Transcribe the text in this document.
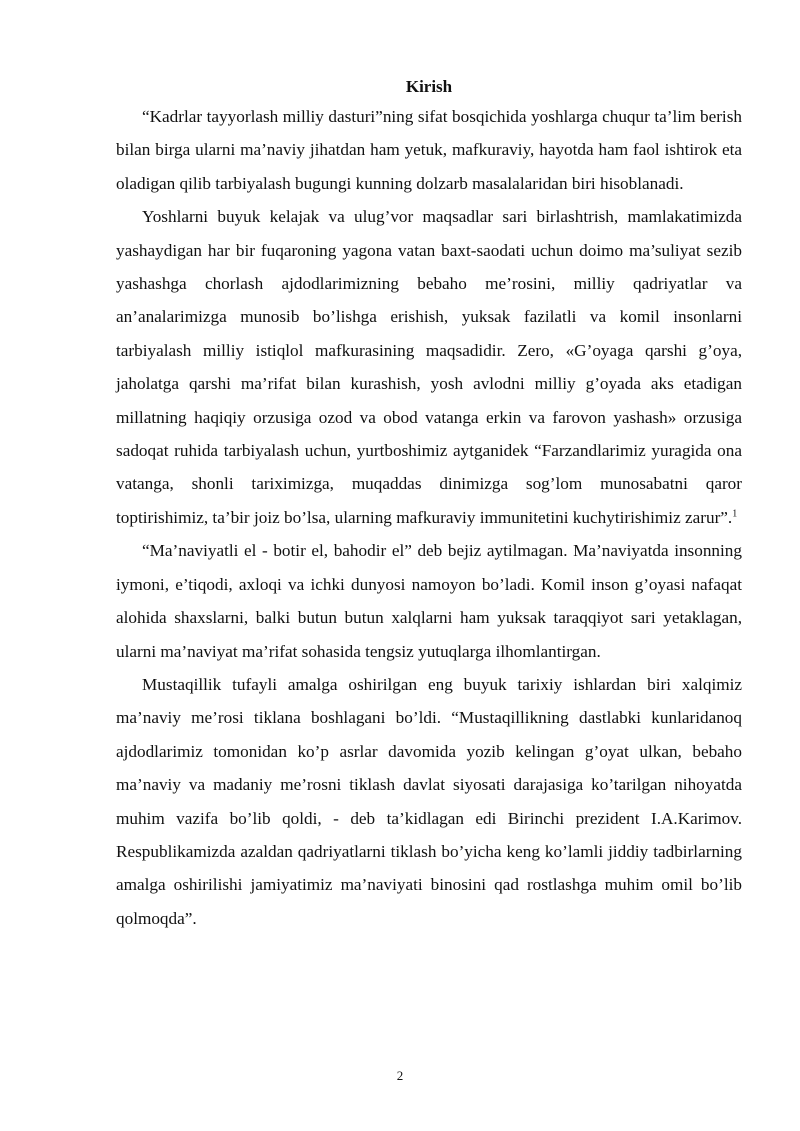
Kirish

“Kadrlar tayyorlash milliy dasturi”ning sifat bosqichida yoshlarga chuqur ta’lim berish bilan birga ularni ma’naviy jihatdan ham yetuk, mafkuraviy, hayotda ham faol ishtirok eta oladigan qilib tarbiyalash bugungi kunning dolzarb masalalaridan biri hisoblanadi.

Yoshlarni buyuk kelajak va ulug’vor maqsadlar sari birlashtrish, mamlakatimizda yashaydigan har bir fuqaroning yagona vatan baxt-saodati uchun doimo ma’suliyat sezib yashashga chorlash ajdodlarimizning bebaho me’rosini, milliy qadriyatlar va an’analarimizga munosib bo’lishga erishish, yuksak fazilatli va komil insonlarni tarbiyalash milliy istiqlol mafkurasining maqsadidir. Zero, «G’oyaga qarshi g’oya, jaholatga qarshi ma’rifat bilan kurashish, yosh avlodni milliy g’oyada aks etadigan millatning haqiqiy orzusiga ozod va obod vatanga erkin va farovon yashash» orzusiga sadoqat ruhida tarbiyalash uchun, yurtboshimiz aytganidek “Farzandlarimiz yuragida ona vatanga, shonli tariximizga, muqaddas dinimizga sog’lom munosabatni qaror toptirishimiz, ta’bir joiz bo’lsa, ularning mafkuraviy immunitetini kuchytirishimiz zarur”.$^1$

“Ma’naviyatli el - botir el, bahodir el” deb bejiz aytilmagan. Ma’naviyatda insonning iymoni, e’tiqodi, axloqi va ichki dunyosi namoyon bo’ladi. Komil inson g’oyasi nafaqat alohida shaxslarni, balki butun butun xalqlarni ham yuksak taraqqiyot sari yetaklagan, ularni ma’naviyat ma’rifat sohasida tengsiz yutuqlarga ilhomlantirgan.

Mustaqillik tufayli amalga oshirilgan eng buyuk tarixiy ishlardan biri xalqimiz ma’naviy me’rosi tiklana boshlagani bo’ldi. “Mustaqillikning dastlabki kunlaridanoq ajdodlarimiz tomonidan ko’p asrlar davomida yozib kelingan g’oyat ulkan, bebaho ma’naviy va madaniy me’rosni tiklash davlat siyosati darajasiga ko’tarilgan nihoyatda muhim vazifa bo’lib qoldi, - deb ta’kidlagan edi Birinchi prezident I.A.Karimov. Respublikamizda azaldan qadriyatlarni tiklash bo’yicha keng ko’lamli jiddiy tadbirlarning amalga oshirilishi jamiyatimiz ma’naviyati binosini qad rostlashga muhim omil bo’lib qolmoqda”.

2
